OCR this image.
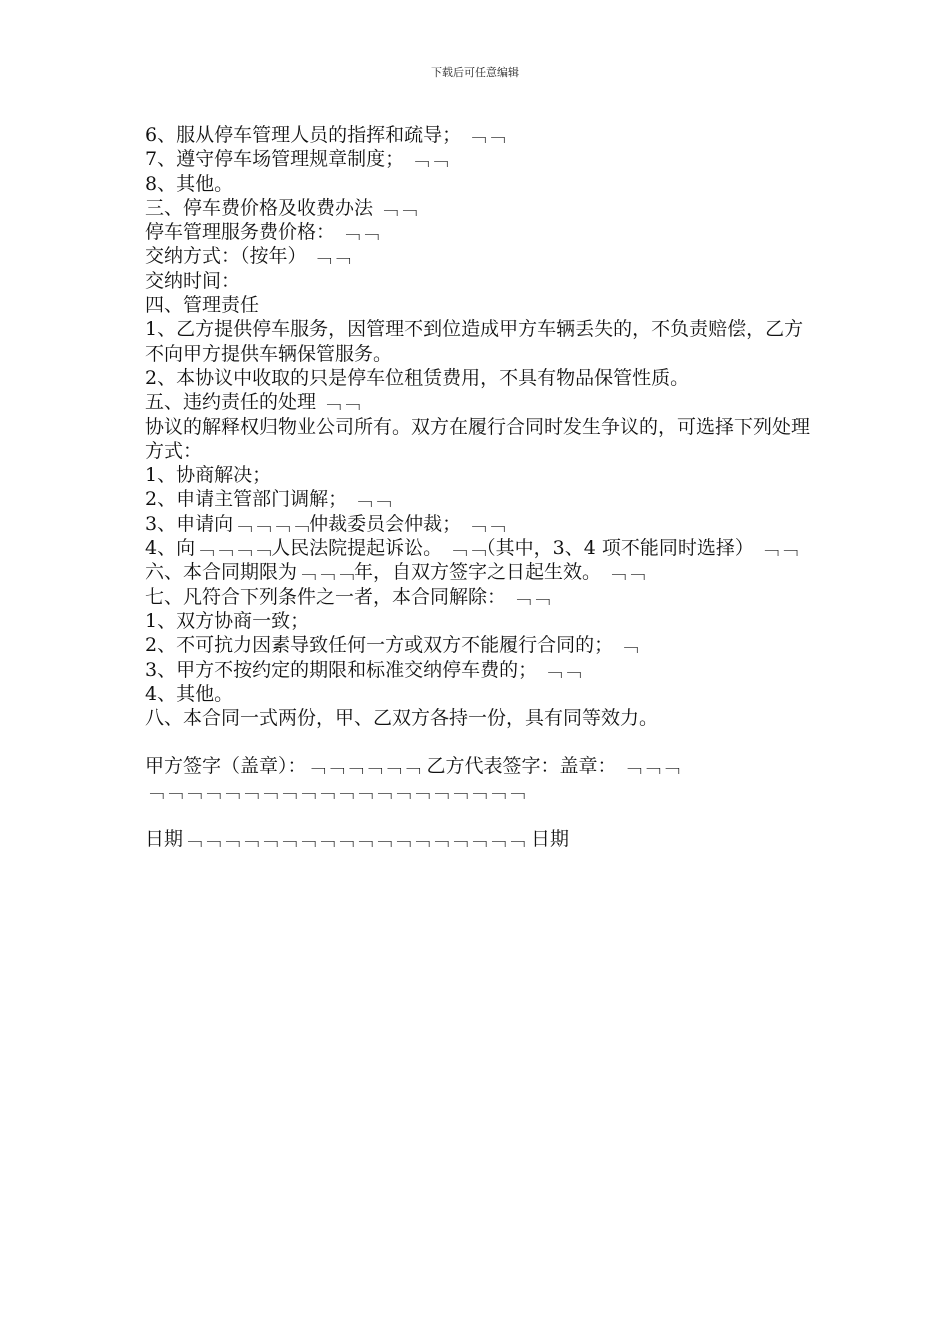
下载后可任意编辑
6、服从停车管理人员的指挥和疏导； ﹁﹁
7、遵守停车场管理规章制度； ﹁﹁
8、其他。
三、停车费价格及收费办法 ﹁﹁
停车管理服务费价格： ﹁﹁
交纳方式：（按年） ﹁﹁
交纳时间：
四、管理责任
1、乙方提供停车服务，因管理不到位造成甲方车辆丢失的，不负责赔偿，乙方不向甲方提供车辆保管服务。
2、本协议中收取的只是停车位租赁费用，不具有物品保管性质。
五、违约责任的处理 ﹁﹁
协议的解释权归物业公司所有。双方在履行合同时发生争议的，可选择下列处理方式：
1、协商解决；
2、申请主管部门调解； ﹁﹁
3、申请向﹁﹁﹁﹁仲裁委员会仲裁； ﹁﹁
4、向﹁﹁﹁﹁人民法院提起诉讼。 ﹁﹁（其中，3、4 项不能同时选择） ﹁﹁
六、本合同期限为﹁﹁﹁年，自双方签字之日起生效。 ﹁﹁
七、凡符合下列条件之一者，本合同解除： ﹁﹁
1、双方协商一致；
2、不可抗力因素导致任何一方或双方不能履行合同的； ﹁
3、甲方不按约定的期限和标准交纳停车费的； ﹁﹁
4、其他。
八、本合同一式两份，甲、乙双方各持一份，具有同等效力。
甲方签字（盖章）：﹁﹁﹁﹁﹁﹁ 乙方代表签字：盖章： ﹁﹁﹁
﹁﹁﹁﹁﹁﹁﹁﹁﹁﹁﹁﹁﹁﹁﹁﹁﹁﹁﹁﹁
日期﹁﹁﹁﹁﹁﹁﹁﹁﹁﹁﹁﹁﹁﹁﹁﹁﹁﹁ 日期
